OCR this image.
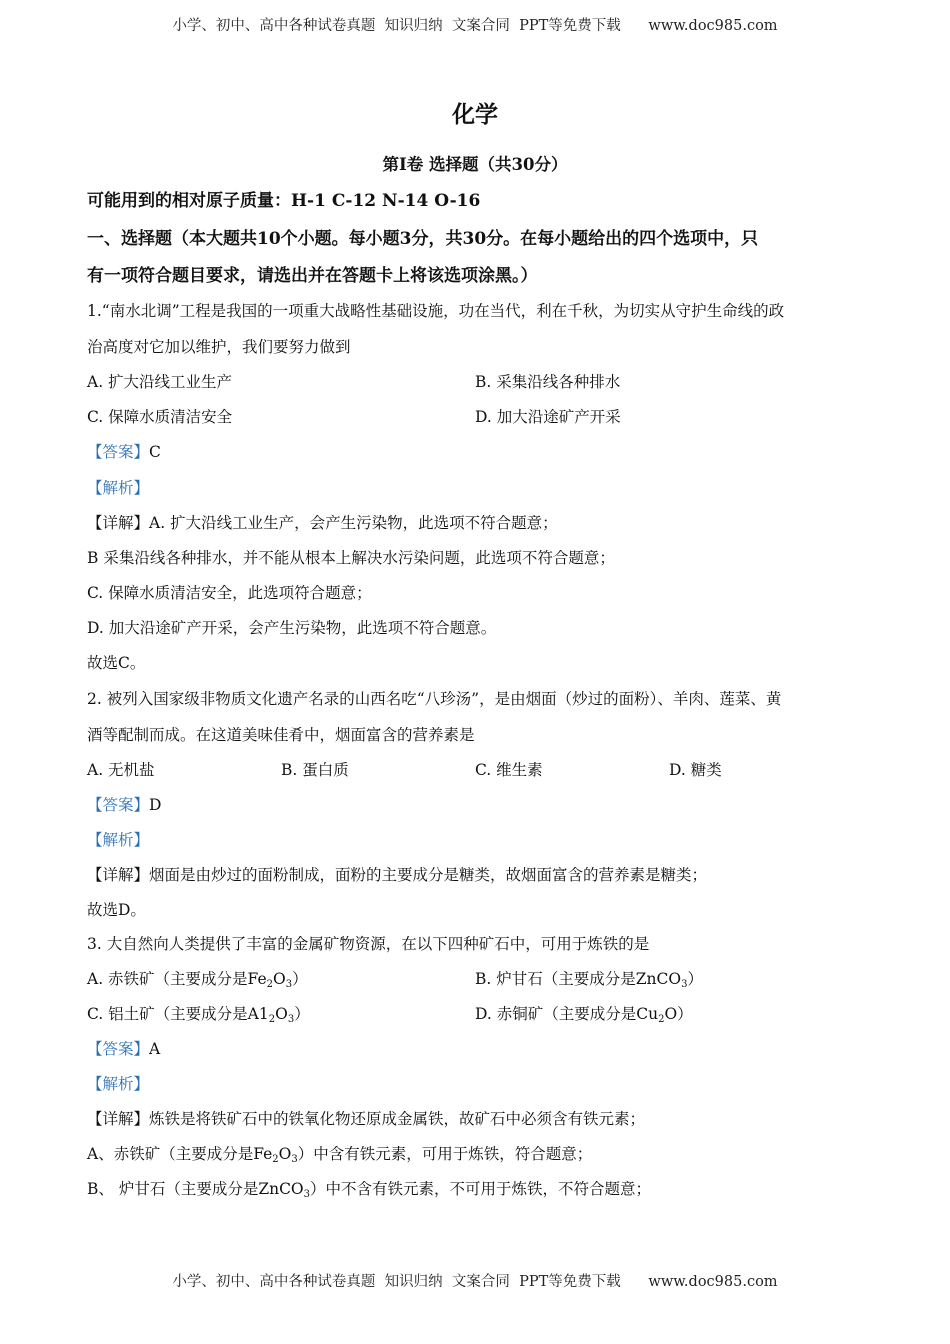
小学、初中、高中各种试卷真题  知识归纳  文案合同  PPT等免费下载      www.doc985.com
化学
第I卷 选择题（共30分）
可能用到的相对原子质量：H-1 C-12 N-14 O-16
一、选择题（本大题共10个小题。每小题3分，共30分。在每小题给出的四个选项中，只
有一项符合题目要求，请选出并在答题卡上将该选项涂黑。）
1.“南水北调”工程是我国的一项重大战略性基础设施，功在当代，利在千秋，为切实从守护生命线的政
治高度对它加以维护，我们要努力做到
A. 扩大沿线工业生产	B. 采集沿线各种排水
C. 保障水质清洁安全	D. 加大沿途矿产开采
【答案】C
【解析】
【详解】A. 扩大沿线工业生产，会产生污染物，此选项不符合题意；
B 采集沿线各种排水，并不能从根本上解决水污染问题，此选项不符合题意；
C. 保障水质清洁安全，此选项符合题意；
D. 加大沿途矿产开采，会产生污染物，此选项不符合题意。
故选C。
2. 被列入国家级非物质文化遗产名录的山西名吃“八珍汤”，是由烟面（炒过的面粉）、羊肉、莲菜、黄
酒等配制而成。在这道美味佳肴中，烟面富含的营养素是
A. 无机盐	B. 蛋白质	C. 维生素	D. 糖类
【答案】D
【解析】
【详解】烟面是由炒过的面粉制成，面粉的主要成分是糖类，故烟面富含的营养素是糖类；
故选D。
3. 大自然向人类提供了丰富的金属矿物资源，在以下四种矿石中，可用于炼铁的是
A. 赤铁矿（主要成分是$Fe_2O_3$）	B. 炉甘石（主要成分是ZnCO$_3$）
C. 铝土矿（主要成分是$A1_2O_3$）	D. 赤铜矿（主要成分是$Cu_2O$）
【答案】A
【解析】
【详解】炼铁是将铁矿石中的铁氧化物还原成金属铁，故矿石中必须含有铁元素；
A、赤铁矿（主要成分是$Fe_2O_3$）中含有铁元素，可用于炼铁，符合题意；
B、 炉甘石（主要成分是ZnCO$_3$）中不含有铁元素，不可用于炼铁，不符合题意；
小学、初中、高中各种试卷真题  知识归纳  文案合同  PPT等免费下载      www.doc985.com
